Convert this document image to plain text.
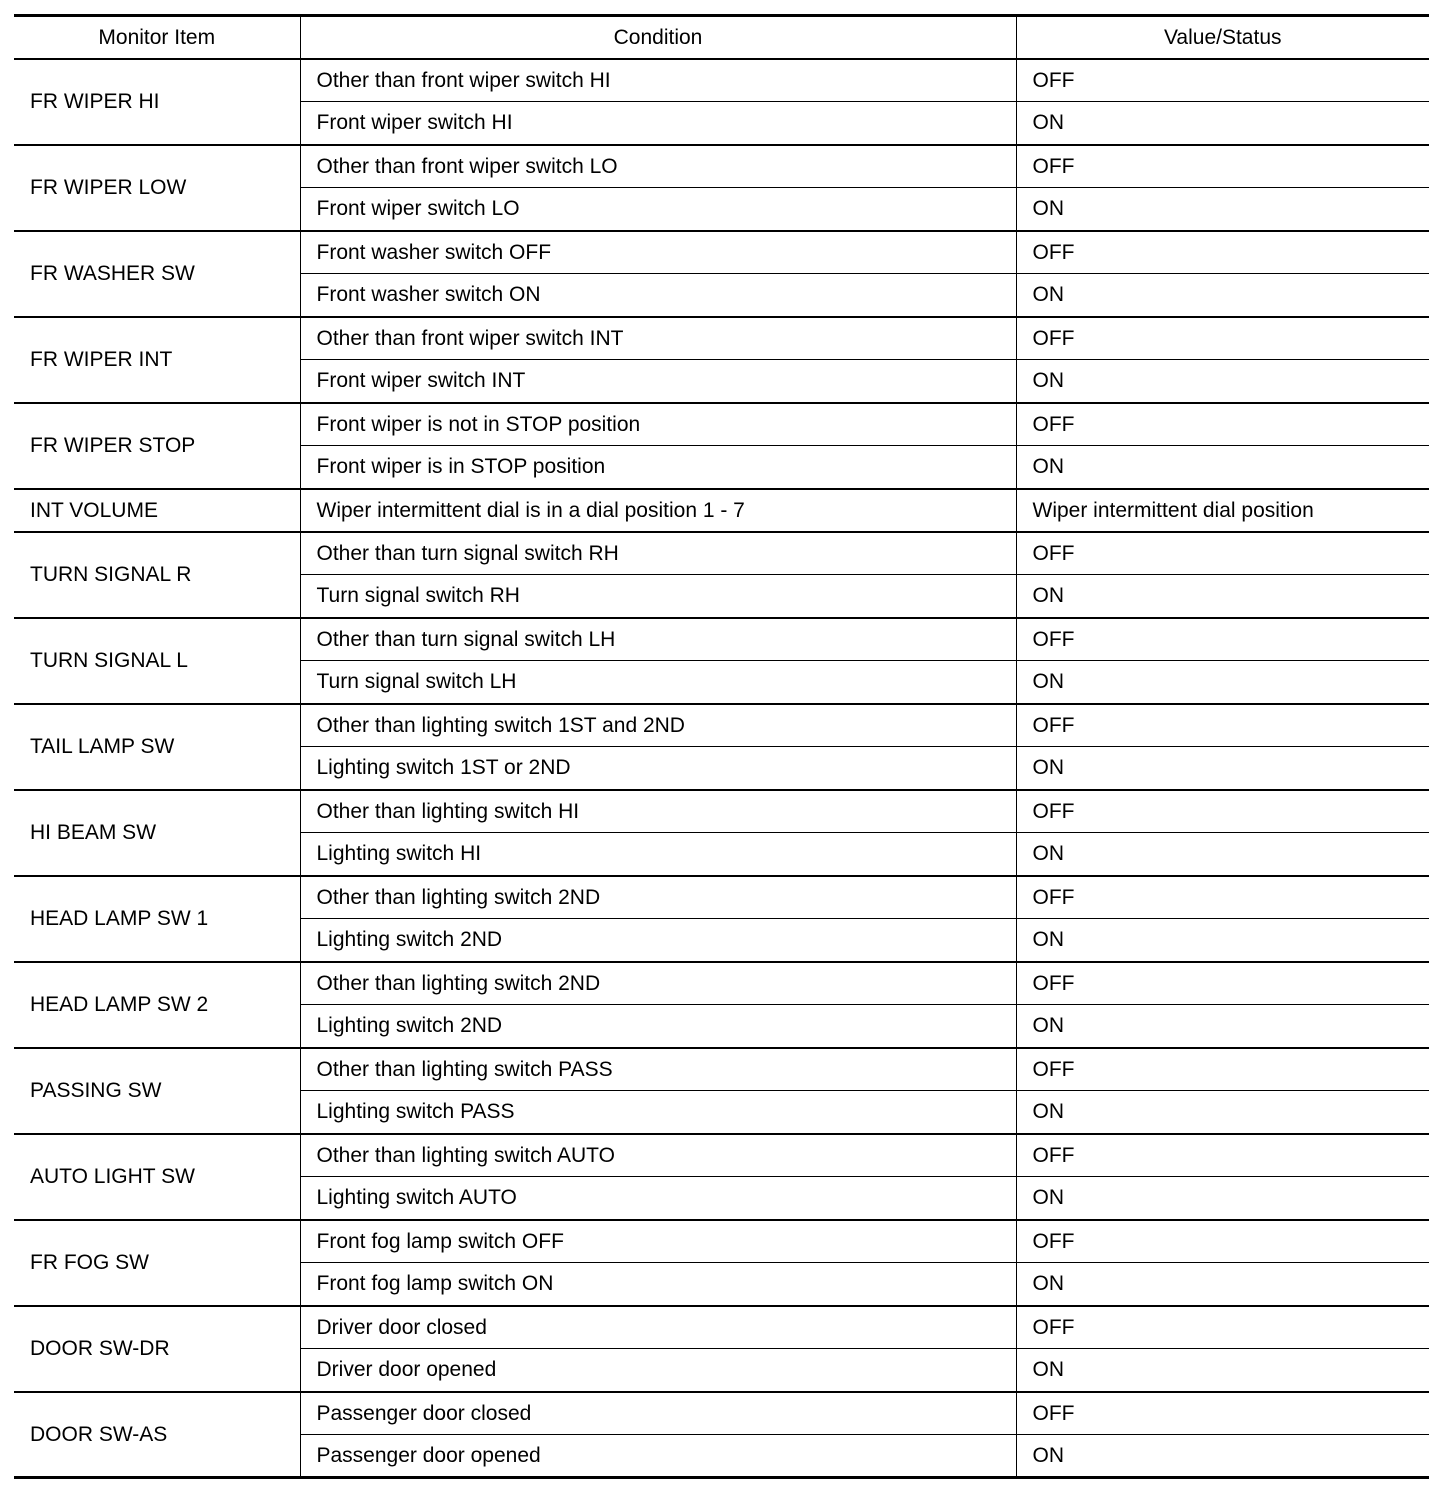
Monitor Item	Condition	Value/Status
FR WIPER HI	Other than front wiper switch HI	OFF
	Front wiper switch HI	ON
FR WIPER LOW	Other than front wiper switch LO	OFF
	Front wiper switch LO	ON
FR WASHER SW	Front washer switch OFF	OFF
	Front washer switch ON	ON
FR WIPER INT	Other than front wiper switch INT	OFF
	Front wiper switch INT	ON
FR WIPER STOP	Front wiper is not in STOP position	OFF
	Front wiper is in STOP position	ON
INT VOLUME	Wiper intermittent dial is in a dial position 1 - 7	Wiper intermittent dial position
TURN SIGNAL R	Other than turn signal switch RH	OFF
	Turn signal switch RH	ON
TURN SIGNAL L	Other than turn signal switch LH	OFF
	Turn signal switch LH	ON
TAIL LAMP SW	Other than lighting switch 1ST and 2ND	OFF
	Lighting switch 1ST or 2ND	ON
HI BEAM SW	Other than lighting switch HI	OFF
	Lighting switch HI	ON
HEAD LAMP SW 1	Other than lighting switch 2ND	OFF
	Lighting switch 2ND	ON
HEAD LAMP SW 2	Other than lighting switch 2ND	OFF
	Lighting switch 2ND	ON
PASSING SW	Other than lighting switch PASS	OFF
	Lighting switch PASS	ON
AUTO LIGHT SW	Other than lighting switch AUTO	OFF
	Lighting switch AUTO	ON
FR FOG SW	Front fog lamp switch OFF	OFF
	Front fog lamp switch ON	ON
DOOR SW-DR	Driver door closed	OFF
	Driver door opened	ON
DOOR SW-AS	Passenger door closed	OFF
	Passenger door opened	ON
